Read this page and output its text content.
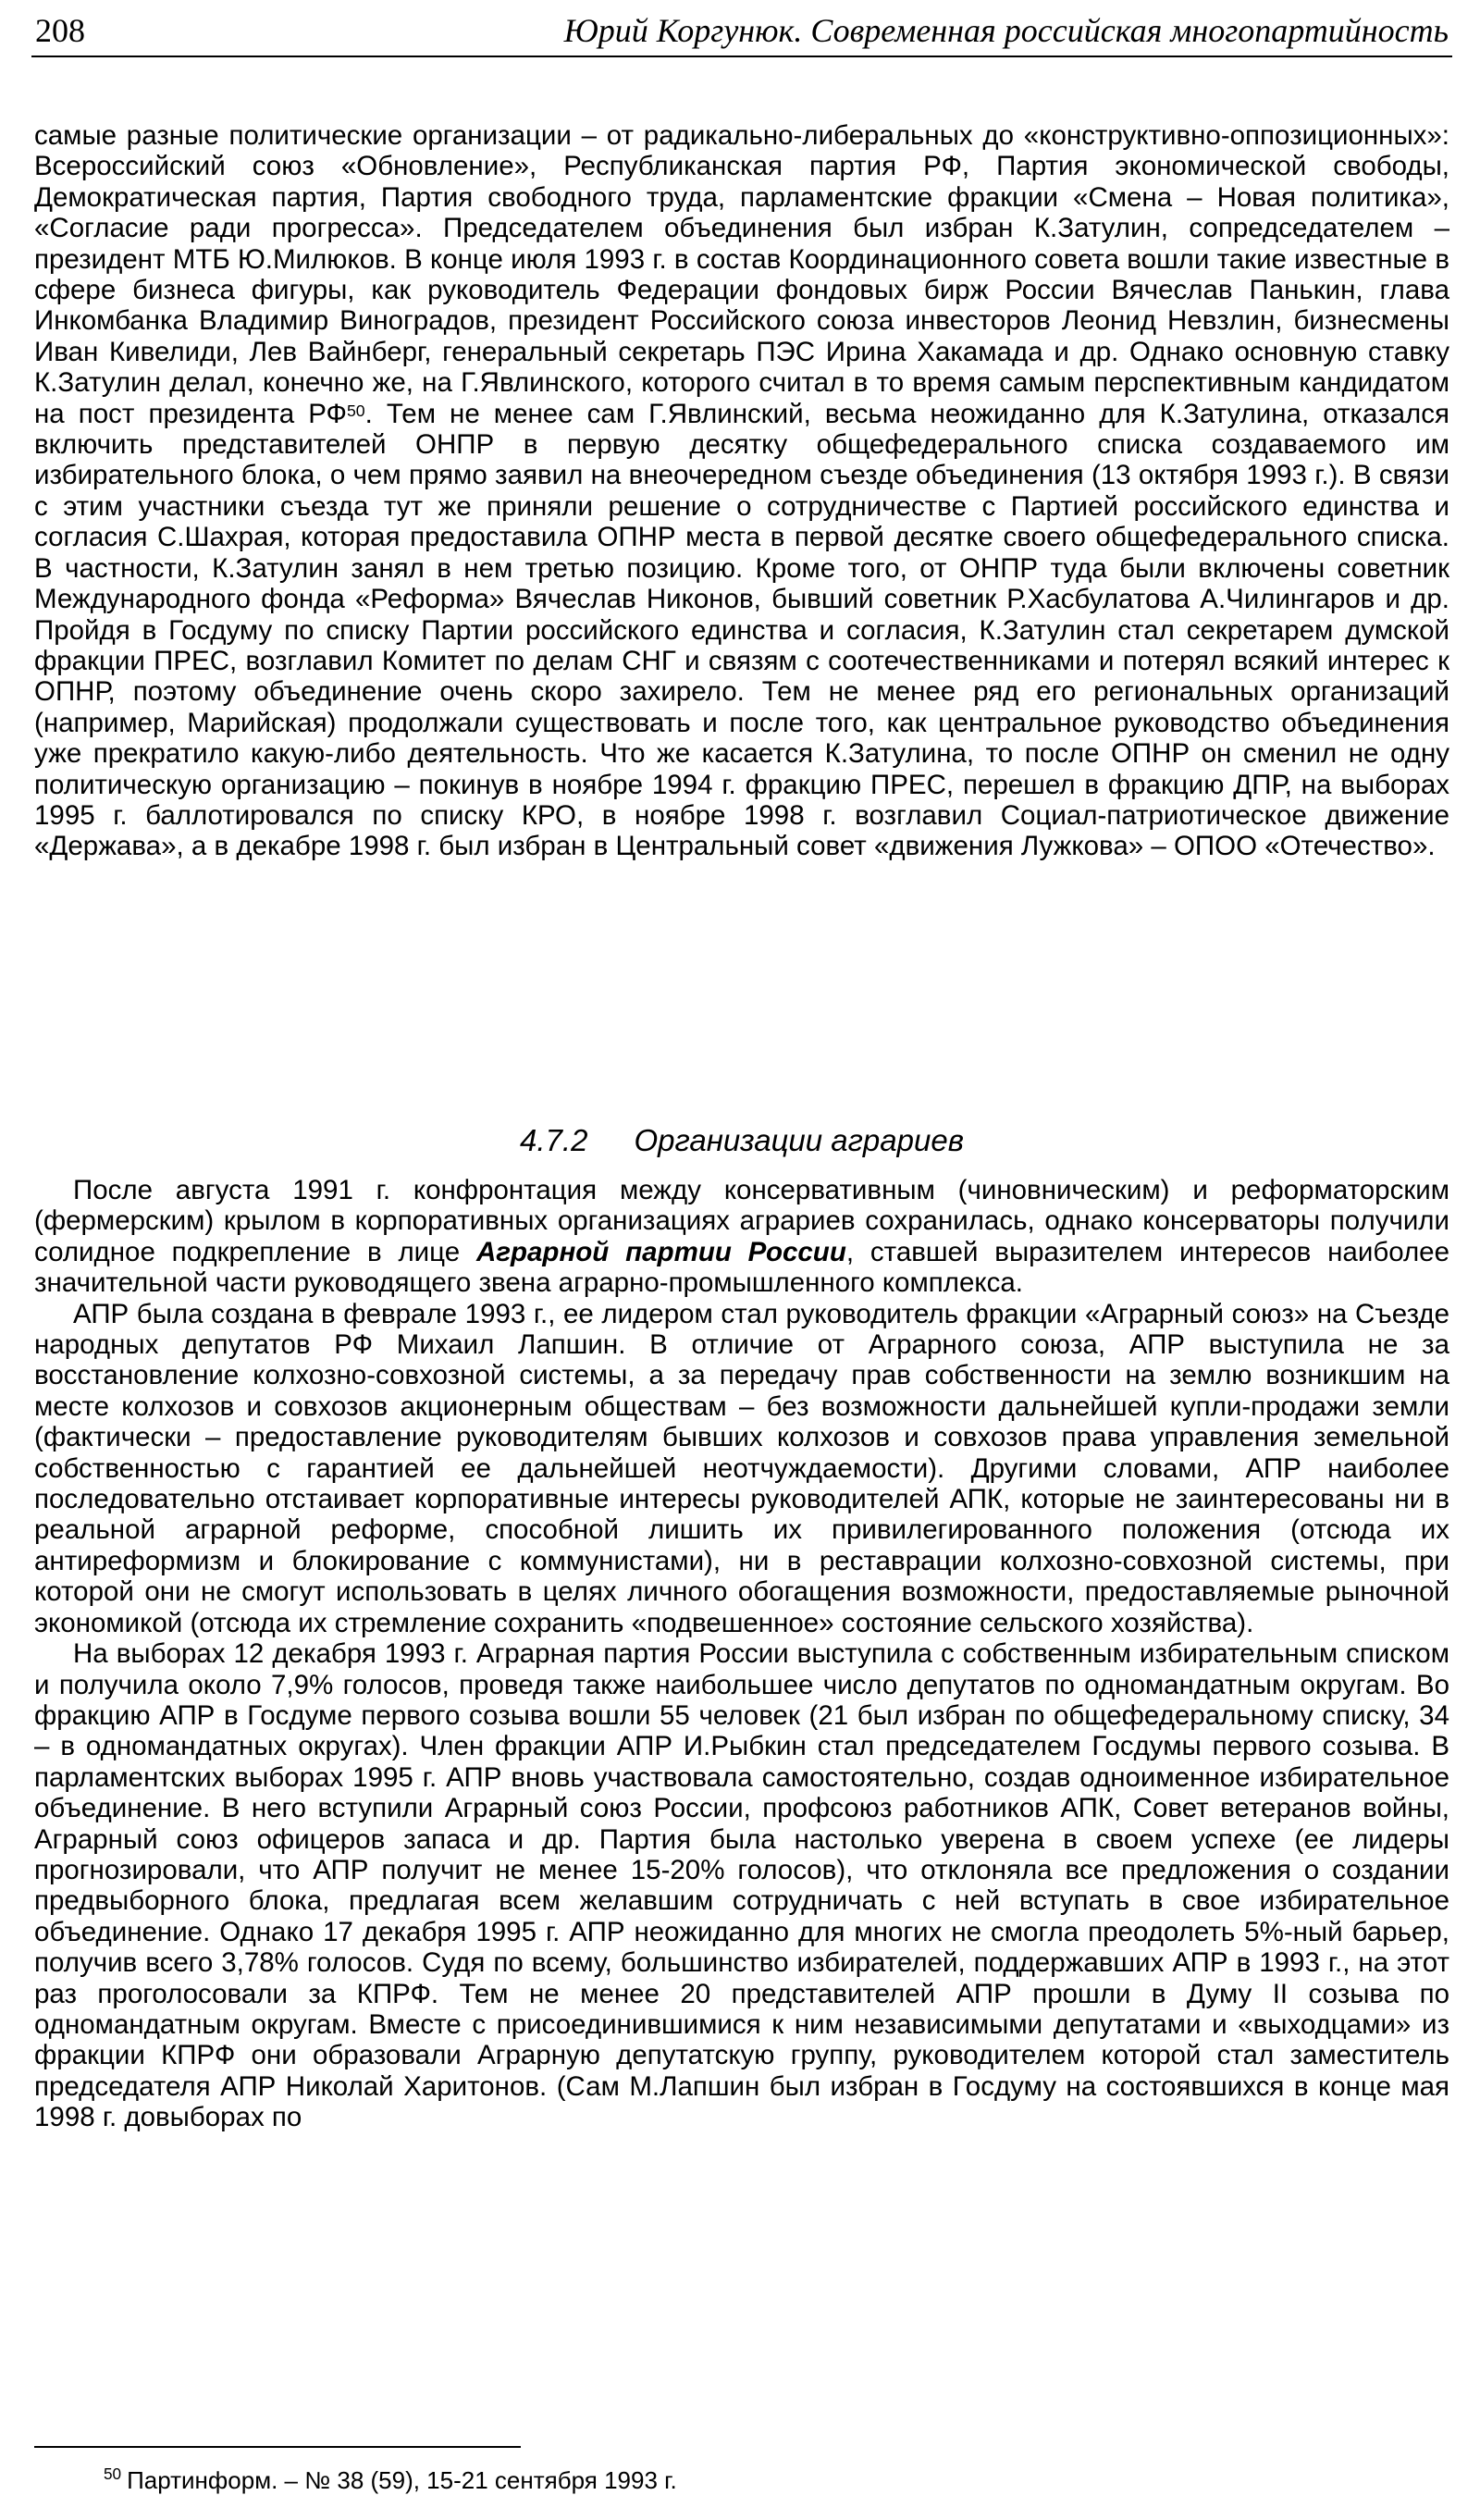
208	Юрий Коргунюк. Современная российская многопартийность

самые разные политические организации – от радикально-либеральных до «конструктивно-оппозиционных»: Всероссийский союз «Обновление», Республиканская партия РФ, Партия экономической свободы, Демократическая партия, Партия свободного труда, парламентские фракции «Смена – Новая политика», «Согласие ради прогресса». Председателем объединения был избран К.Затулин, сопредседателем – президент МТБ Ю.Милюков. В конце июля 1993 г. в состав Координационного совета вошли такие известные в сфере бизнеса фигуры, как руководитель Федерации фондовых бирж России Вячеслав Панькин, глава Инкомбанка Владимир Виноградов, президент Российского союза инвесторов Леонид Невзлин, бизнесмены Иван Кивелиди, Лев Вайнберг, генеральный секретарь ПЭС Ирина Хакамада и др. Однако основную ставку К.Затулин делал, конечно же, на Г.Явлинского, которого считал в то время самым перспективным кандидатом на пост президента РФ$^{50}$. Тем не менее сам Г.Явлинский, весьма неожиданно для К.Затулина, отказался включить представителей ОНПР в первую десятку общефедерального списка создаваемого им избирательного блока, о чем прямо заявил на внеочередном съезде объединения (13 октября 1993 г.). В связи с этим участники съезда тут же приняли решение о сотрудничестве с Партией российского единства и согласия С.Шахрая, которая предоставила ОПНР места в первой десятке своего общефедерального списка. В частности, К.Затулин занял в нем третью позицию. Кроме того, от ОНПР туда были включены советник Международного фонда «Реформа» Вячеслав Никонов, бывший советник Р.Хасбулатова А.Чилингаров и др. Пройдя в Госдуму по списку Партии российского единства и согласия, К.Затулин стал секретарем думской фракции ПРЕС, возглавил Комитет по делам СНГ и связям с соотечественниками и потерял всякий интерес к ОПНР, поэтому объединение очень скоро захирело. Тем не менее ряд его региональных организаций (например, Марийская) продолжали существовать и после того, как центральное руководство объединения уже прекратило какую-либо деятельность. Что же касается К.Затулина, то после ОПНР он сменил не одну политическую организацию – покинув в ноябре 1994 г. фракцию ПРЕС, перешел в фракцию ДПР, на выборах 1995 г. баллотировался по списку КРО, в ноябре 1998 г. возглавил Социал-патриотическое движение «Держава», а в декабре 1998 г. был избран в Центральный совет «движения Лужкова» – ОПОО «Отечество».

4.7.2 Организации аграриев

После августа 1991 г. конфронтация между консервативным (чиновническим) и реформаторским (фермерским) крылом в корпоративных организациях аграриев сохранилась, однако консерваторы получили солидное подкрепление в лице Аграрной партии России, ставшей выразителем интересов наиболее значительной части руководящего звена аграрно-промышленного комплекса.

АПР была создана в феврале 1993 г., ее лидером стал руководитель фракции «Аграрный союз» на Съезде народных депутатов РФ Михаил Лапшин. В отличие от Аграрного союза, АПР выступила не за восстановление колхозно-совхозной системы, а за передачу прав собственности на землю возникшим на месте колхозов и совхозов акционерным обществам – без возможности дальнейшей купли-продажи земли (фактически – предоставление руководителям бывших колхозов и совхозов права управления земельной собственностью с гарантией ее дальнейшей неотчуждаемости). Другими словами, АПР наиболее последовательно отстаивает корпоративные интересы руководителей АПК, которые не заинтересованы ни в реальной аграрной реформе, способной лишить их привилегированного положения (отсюда их антиреформизм и блокирование с коммунистами), ни в реставрации колхозно-совхозной системы, при которой они не смогут использовать в целях личного обогащения возможности, предоставляемые рыночной экономикой (отсюда их стремление сохранить «подвешенное» состояние сельского хозяйства).

На выборах 12 декабря 1993 г. Аграрная партия России выступила с собственным избирательным списком и получила около 7,9% голосов, проведя также наибольшее число депутатов по одномандатным округам. Во фракцию АПР в Госдуме первого созыва вошли 55 человек (21 был избран по общефедеральному списку, 34 – в одномандатных округах). Член фракции АПР И.Рыбкин стал председателем Госдумы первого созыва. В парламентских выборах 1995 г. АПР вновь участвовала самостоятельно, создав одноименное избирательное объединение. В него вступили Аграрный союз России, профсоюз работников АПК, Совет ветеранов войны, Аграрный союз офицеров запаса и др. Партия была настолько уверена в своем успехе (ее лидеры прогнозировали, что АПР получит не менее 15-20% голосов), что отклоняла все предложения о создании предвыборного блока, предлагая всем желавшим сотрудничать с ней вступать в свое избирательное объединение. Однако 17 декабря 1995 г. АПР неожиданно для многих не смогла преодолеть 5%-ный барьер, получив всего 3,78% голосов. Судя по всему, большинство избирателей, поддержавших АПР в 1993 г., на этот раз проголосовали за КПРФ. Тем не менее 20 представителей АПР прошли в Думу II созыва по одномандатным округам. Вместе с присоединившимися к ним независимыми депутатами и «выходцами» из фракции КПРФ они образовали Аграрную депутатскую группу, руководителем которой стал заместитель председателя АПР Николай Харитонов. (Сам М.Лапшин был избран в Госдуму на состоявшихся в конце мая 1998 г. довыборах по

$^{50}$ Партинформ. – № 38 (59), 15-21 сентября 1993 г.
